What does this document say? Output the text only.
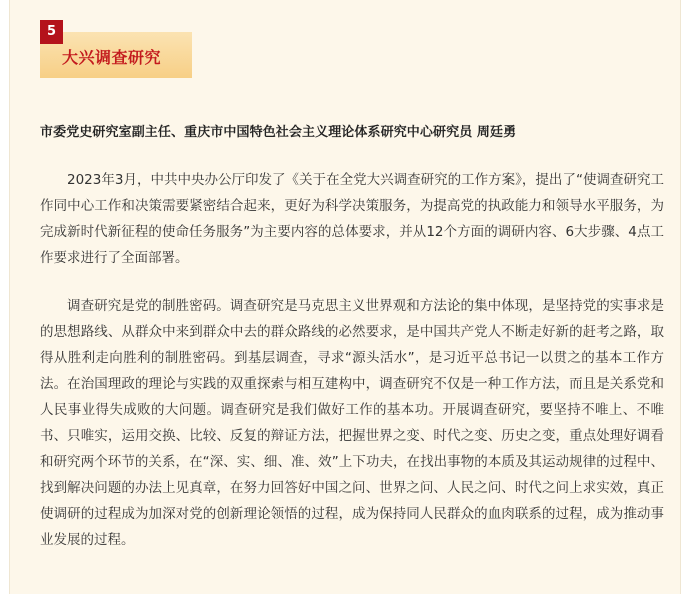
大兴调查研究
5
市委党史研究室副主任、重庆市中国特色社会主义理论体系研究中心研究员 周廷勇

2023年3月，中共中央办公厅印发了《关于在全党大兴调查研究的工作方案》，提出了“使调查研究工作同中心工作和决策需要紧密结合起来，更好为科学决策服务，为提高党的执政能力和领导水平服务，为完成新时代新征程的使命任务服务”为主要内容的总体要求，并从12个方面的调研内容、6大步骤、4点工作要求进行了全面部署。

调查研究是党的制胜密码。调查研究是马克思主义世界观和方法论的集中体现，是坚持党的实事求是的思想路线、从群众中来到群众中去的群众路线的必然要求，是中国共产党人不断走好新的赶考之路，取得从胜利走向胜利的制胜密码。到基层调查，寻求“源头活水”，是习近平总书记一以贯之的基本工作方法。在治国理政的理论与实践的双重探索与相互建构中，调查研究不仅是一种工作方法，而且是关系党和人民事业得失成败的大问题。调查研究是我们做好工作的基本功。开展调查研究，要坚持不唯上、不唯书、只唯实，运用交换、比较、反复的辩证方法，把握世界之变、时代之变、历史之变，重点处理好调看和研究两个环节的关系，在“深、实、细、准、效”上下功夫，在找出事物的本质及其运动规律的过程中、找到解决问题的办法上见真章，在努力回答好中国之问、世界之问、人民之问、时代之问上求实效，真正使调研的过程成为加深对党的创新理论领悟的过程，成为保持同人民群众的血肉联系的过程，成为推动事业发展的过程。
